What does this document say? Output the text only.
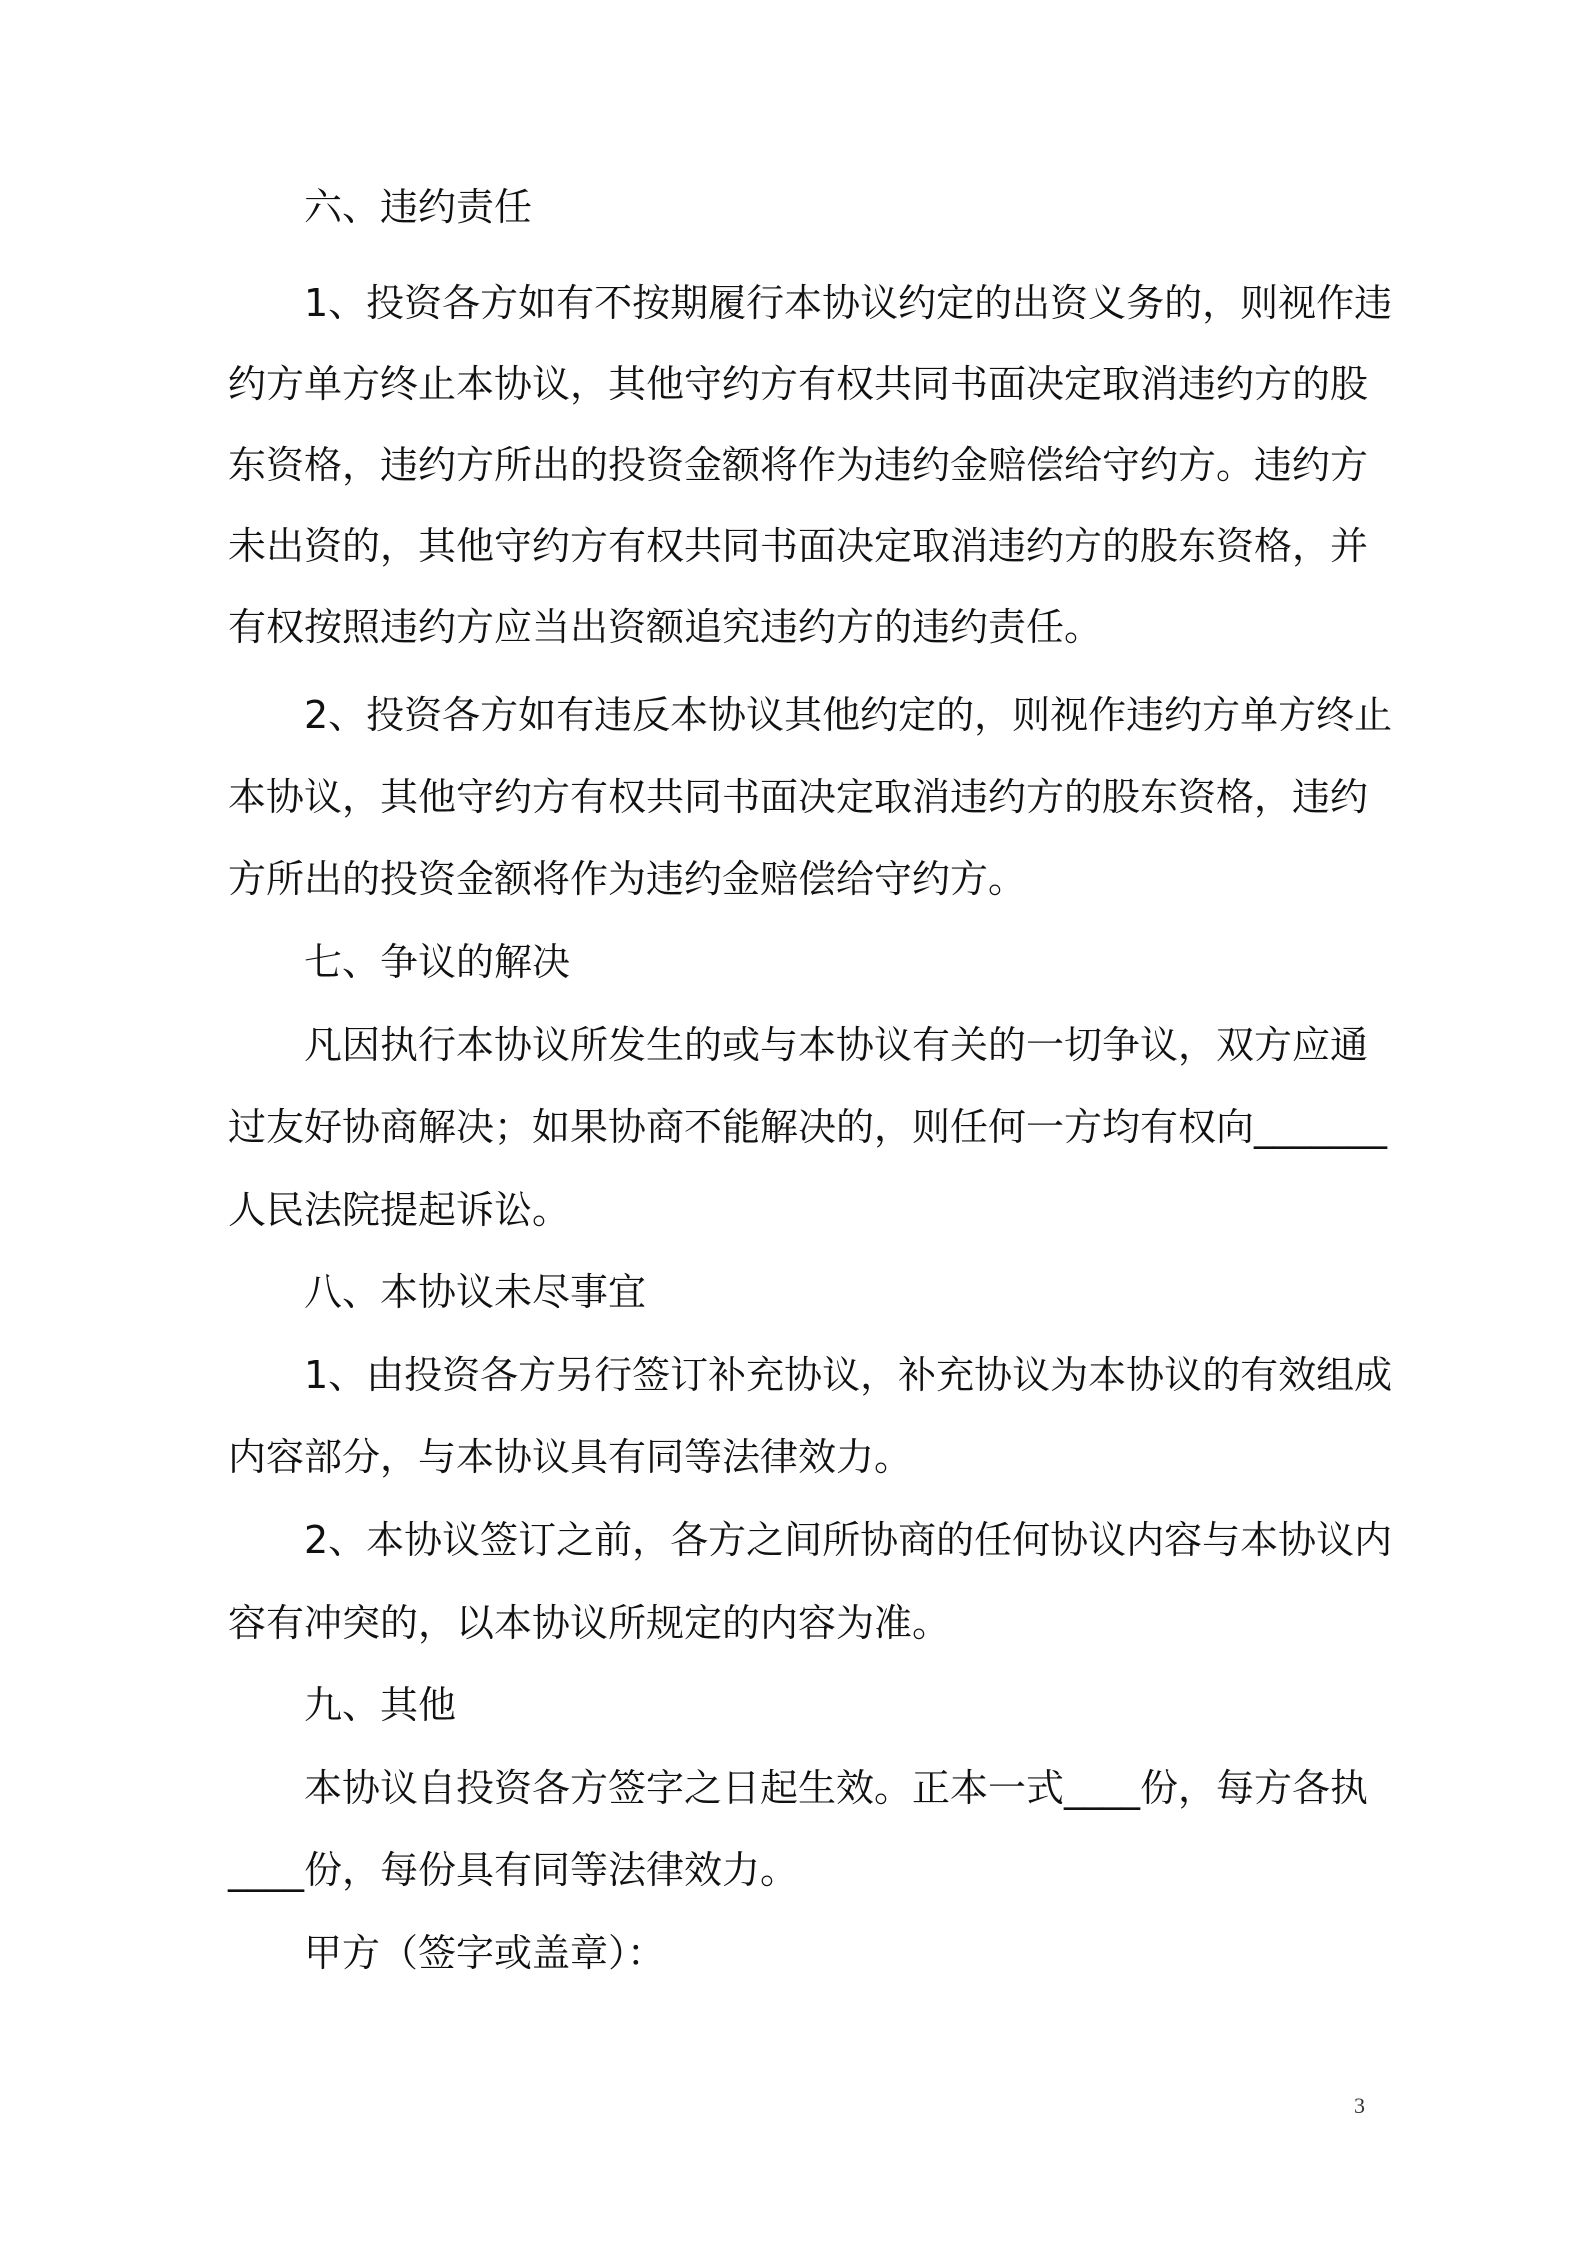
六、违约责任
1、投资各方如有不按期履行本协议约定的出资义务的，则视作违
约方单方终止本协议，其他守约方有权共同书面决定取消违约方的股
东资格，违约方所出的投资金额将作为违约金赔偿给守约方。违约方
未出资的，其他守约方有权共同书面决定取消违约方的股东资格，并
有权按照违约方应当出资额追究违约方的违约责任。
2、投资各方如有违反本协议其他约定的，则视作违约方单方终止
本协议，其他守约方有权共同书面决定取消违约方的股东资格，违约
方所出的投资金额将作为违约金赔偿给守约方。
七、争议的解决
凡因执行本协议所发生的或与本协议有关的一切争议，双方应通
过友好协商解决；如果协商不能解决的，则任何一方均有权向_______
人民法院提起诉讼。
八、本协议未尽事宜
1、由投资各方另行签订补充协议，补充协议为本协议的有效组成
内容部分，与本协议具有同等法律效力。
2、本协议签订之前，各方之间所协商的任何协议内容与本协议内
容有冲突的，以本协议所规定的内容为准。
九、其他
本协议自投资各方签字之日起生效。正本一式____份，每方各执
____份，每份具有同等法律效力。
甲方（签字或盖章）：
3
